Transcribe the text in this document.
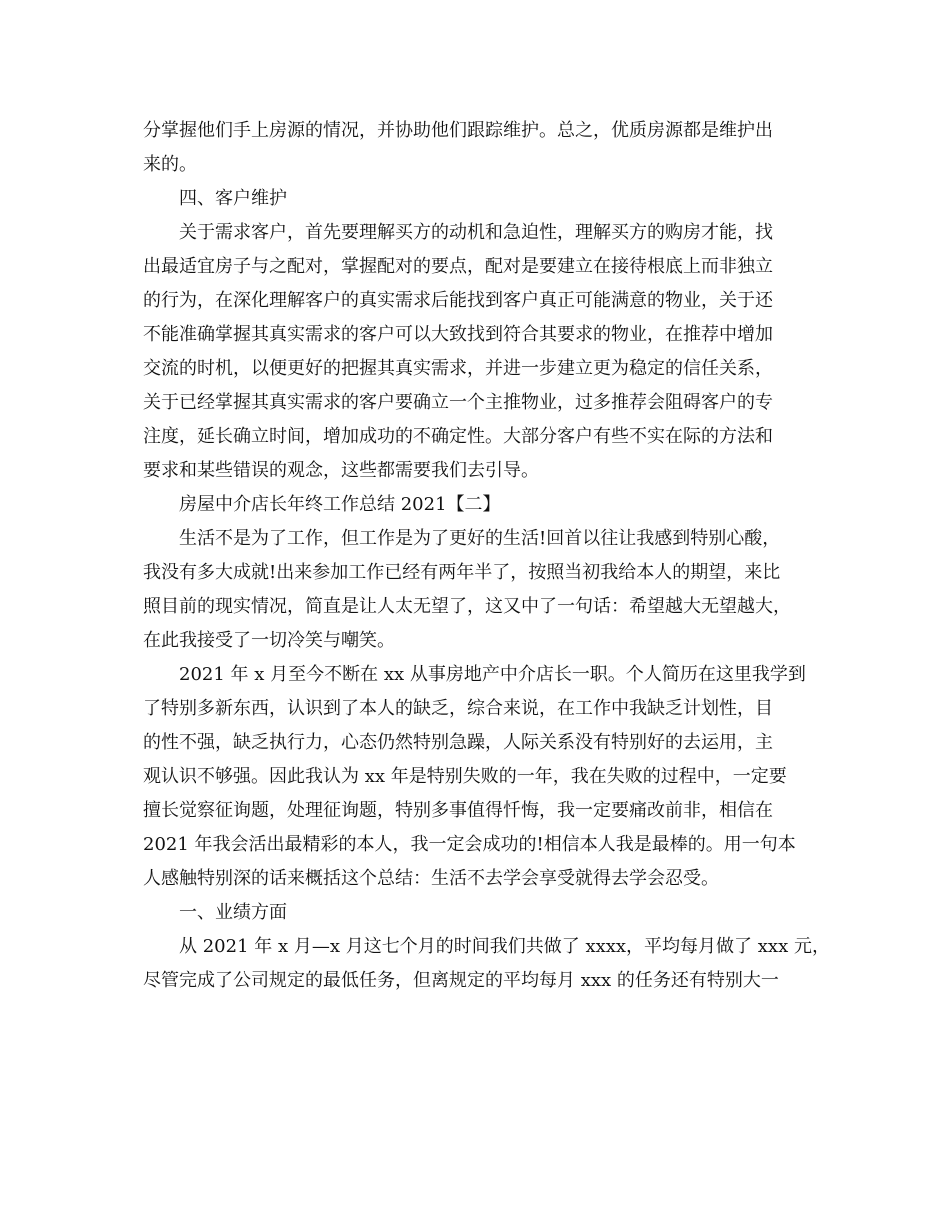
分掌握他们手上房源的情况，并协助他们跟踪维护。总之，优质房源都是维护出
来的。
四、客户维护
关于需求客户，首先要理解买方的动机和急迫性，理解买方的购房才能，找
出最适宜房子与之配对，掌握配对的要点，配对是要建立在接待根底上而非独立
的行为，在深化理解客户的真实需求后能找到客户真正可能满意的物业，关于还
不能准确掌握其真实需求的客户可以大致找到符合其要求的物业，在推荐中增加
交流的时机，以便更好的把握其真实需求，并进一步建立更为稳定的信任关系，
关于已经掌握其真实需求的客户要确立一个主推物业，过多推荐会阻碍客户的专
注度，延长确立时间，增加成功的不确定性。大部分客户有些不实在际的方法和
要求和某些错误的观念，这些都需要我们去引导。
房屋中介店长年终工作总结 2021【二】
生活不是为了工作，但工作是为了更好的生活!回首以往让我感到特别心酸，
我没有多大成就!出来参加工作已经有两年半了，按照当初我给本人的期望，来比
照目前的现实情况，简直是让人太无望了，这又中了一句话：希望越大无望越大，
在此我接受了一切冷笑与嘲笑。
2021 年 x 月至今不断在 xx 从事房地产中介店长一职。个人简历在这里我学到
了特别多新东西，认识到了本人的缺乏，综合来说，在工作中我缺乏计划性，目
的性不强，缺乏执行力，心态仍然特别急躁，人际关系没有特别好的去运用，主
观认识不够强。因此我认为 xx 年是特别失败的一年，我在失败的过程中，一定要
擅长觉察征询题，处理征询题，特别多事值得忏悔，我一定要痛改前非，相信在
2021 年我会活出最精彩的本人，我一定会成功的!相信本人我是最棒的。用一句本
人感触特别深的话来概括这个总结：生活不去学会享受就得去学会忍受。
一、业绩方面
从 2021 年 x 月—x 月这七个月的时间我们共做了 xxxx，平均每月做了 xxx 元，
尽管完成了公司规定的最低任务，但离规定的平均每月 xxx 的任务还有特别大一
